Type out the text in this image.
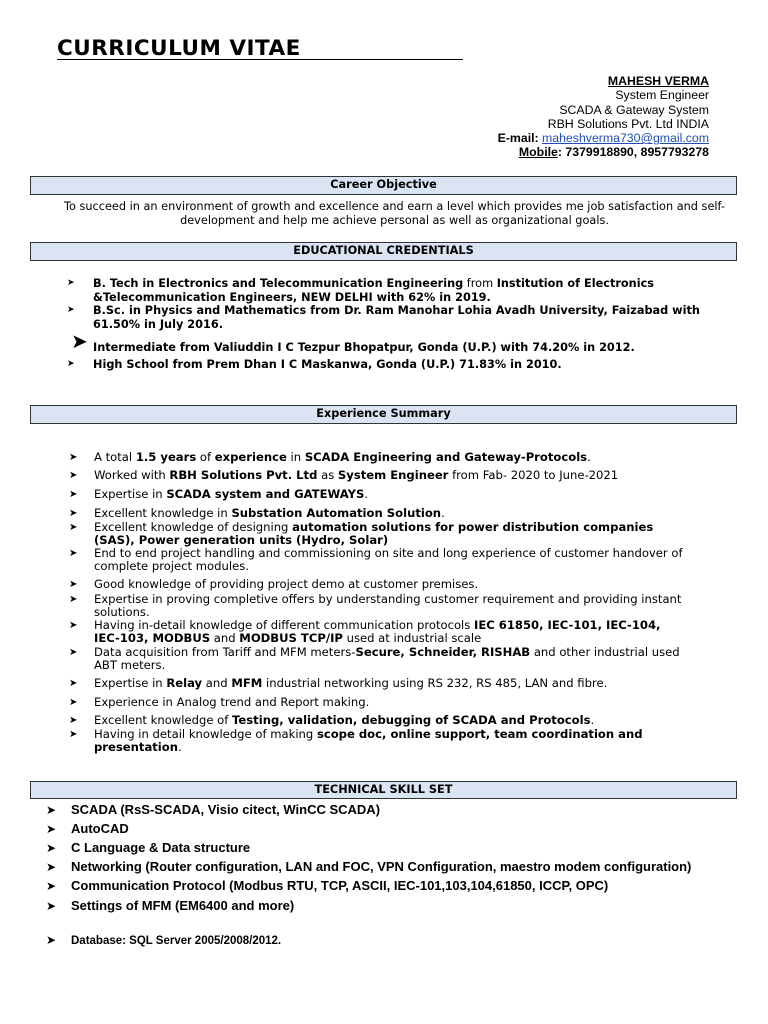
CURRICULUM VITAE
MAHESH VERMA
System Engineer
SCADA & Gateway System
RBH Solutions Pvt. Ltd INDIA
E-mail: maheshverma730@gmail.com
Mobile: 7379918890, 8957793278
Career Objective
To succeed in an environment of growth and excellence and earn a level which provides me job satisfaction and self-development and help me achieve personal as well as organizational goals.
EDUCATIONAL CREDENTIALS
➤ B. Tech in Electronics and Telecommunication Engineering from Institution of Electronics &Telecommunication Engineers, NEW DELHI with 62% in 2019.
➤ B.Sc. in Physics and Mathematics from Dr. Ram Manohar Lohia Avadh University, Faizabad with 61.50% in July 2016.
➤ Intermediate from Valiuddin I C Tezpur Bhopatpur, Gonda (U.P.) with 74.20% in 2012.
➤ High School from Prem Dhan I C Maskanwa, Gonda (U.P.) 71.83% in 2010.
Experience Summary
➤ A total 1.5 years of experience in SCADA Engineering and Gateway-Protocols.
➤ Worked with RBH Solutions Pvt. Ltd as System Engineer from Fab- 2020 to June-2021
➤ Expertise in SCADA system and GATEWAYS.
➤ Excellent knowledge in Substation Automation Solution.
➤ Excellent knowledge of designing automation solutions for power distribution companies (SAS), Power generation units (Hydro, Solar)
➤ End to end project handling and commissioning on site and long experience of customer handover of complete project modules.
➤ Good knowledge of providing project demo at customer premises.
➤ Expertise in proving completive offers by understanding customer requirement and providing instant solutions.
➤ Having in-detail knowledge of different communication protocols IEC 61850, IEC-101, IEC-104, IEC-103, MODBUS and MODBUS TCP/IP used at industrial scale
➤ Data acquisition from Tariff and MFM meters-Secure, Schneider, RISHAB and other industrial used ABT meters.
➤ Expertise in Relay and MFM industrial networking using RS 232, RS 485, LAN and fibre.
➤ Experience in Analog trend and Report making.
➤ Excellent knowledge of Testing, validation, debugging of SCADA and Protocols.
➤ Having in detail knowledge of making scope doc, online support, team coordination and presentation.
TECHNICAL SKILL SET
➤ SCADA (RsS-SCADA, Visio citect, WinCC SCADA)
➤ AutoCAD
➤ C Language & Data structure
➤ Networking (Router configuration, LAN and FOC, VPN Configuration, maestro modem configuration)
➤ Communication Protocol (Modbus RTU, TCP, ASCII, IEC-101,103,104,61850, ICCP, OPC)
➤ Settings of MFM (EM6400 and more)
➤ Database: SQL Server 2005/2008/2012.
